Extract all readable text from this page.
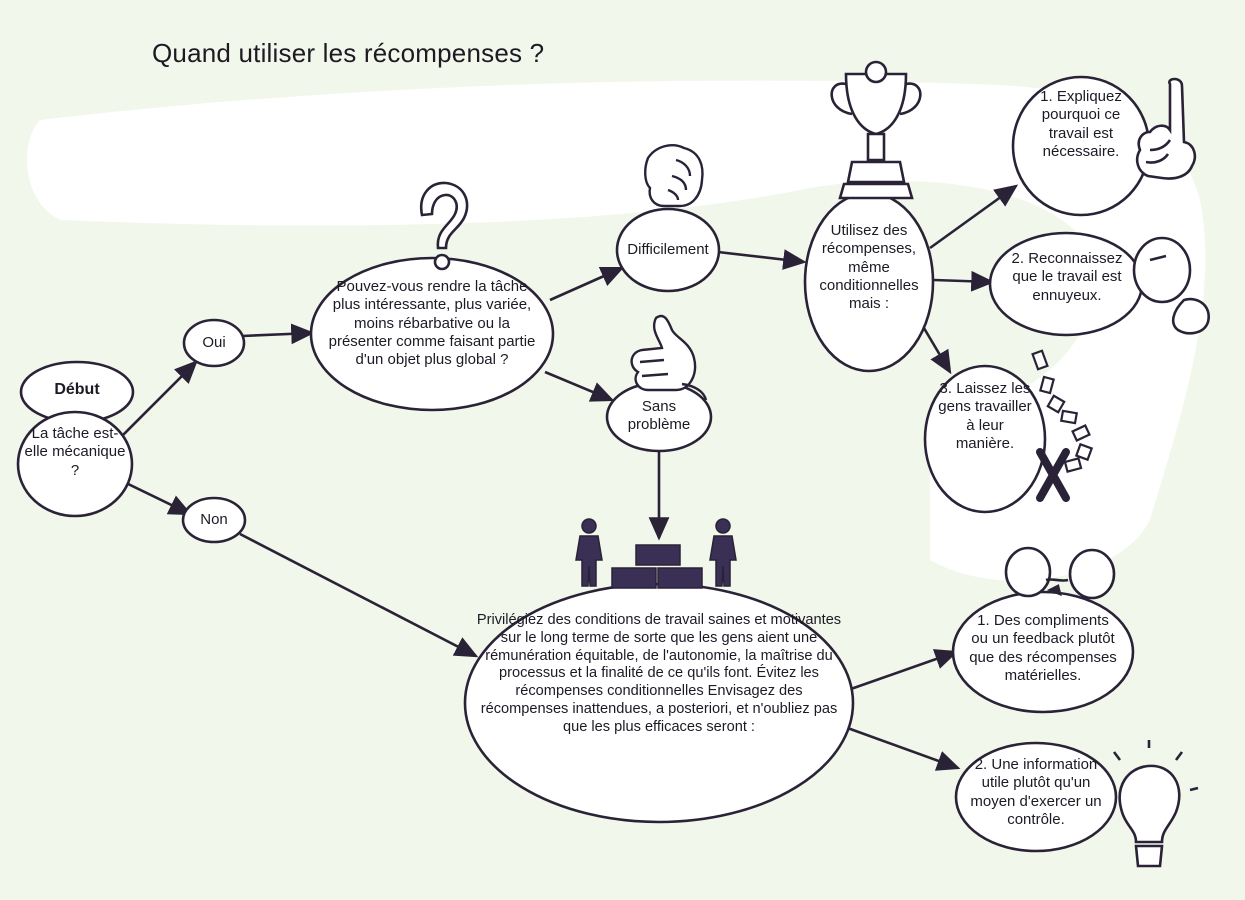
Quand utiliser les récompenses ?
Début
La tâche est-elle mécanique ?
Oui
Non
Pouvez-vous rendre la tâche plus intéressante, plus variée, moins rébarbative ou la présenter comme faisant partie d'un objet plus global ?
Difficilement
Sans problème
Utilisez des récompenses, même conditionnelles mais :
1. Expliquez pourquoi ce travail est nécessaire.
2. Reconnaissez que le travail est ennuyeux.
3. Laissez les gens travailler à leur manière.
Privilégiez des conditions de travail saines et motivantes sur le long terme de sorte que les gens aient une rémunération équitable, de l'autonomie, la maîtrise du processus et la finalité de ce qu'ils font. Évitez les récompenses conditionnelles Envisagez des récompenses inattendues, a posteriori, et n'oubliez pas que les plus efficaces seront :
1. Des compliments ou un feedback plutôt que des récompenses matérielles.
2. Une information utile plutôt qu'un moyen d'exercer un contrôle.
